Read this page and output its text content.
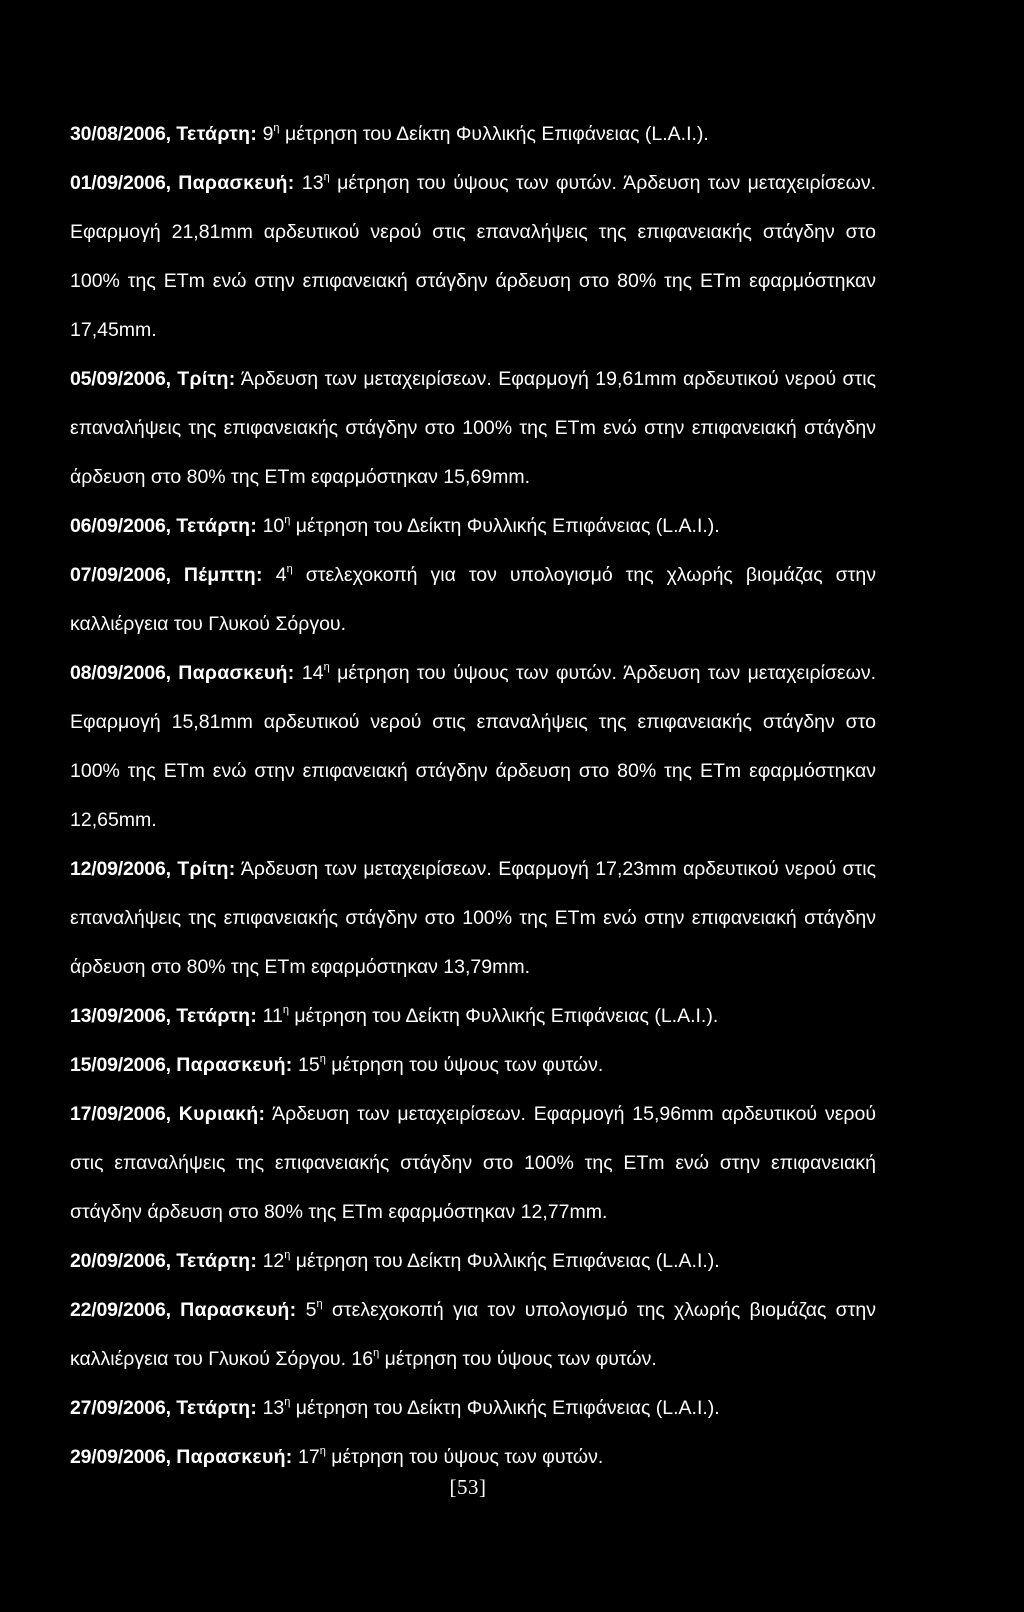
30/08/2006, Τετάρτη: $9^\eta$ μέτρηση του Δείκτη Φυλλικής Επιφάνειας (L.A.I.).

01/09/2006, Παρασκευή: $13^\eta$ μέτρηση του ύψους των φυτών. Άρδευση των μεταχειρίσεων. Εφαρμογή 21,81mm αρδευτικού νερού στις επαναλήψεις της επιφανειακής στάγδην στο 100% της ETm ενώ στην επιφανειακή στάγδην άρδευση στο 80% της ETm εφαρμόστηκαν 17,45mm.

05/09/2006, Τρίτη: Άρδευση των μεταχειρίσεων. Εφαρμογή 19,61mm αρδευτικού νερού στις επαναλήψεις της επιφανειακής στάγδην στο 100% της ETm ενώ στην επιφανειακή στάγδην άρδευση στο 80% της ETm εφαρμόστηκαν 15,69mm.

06/09/2006, Τετάρτη: $10^\eta$ μέτρηση του Δείκτη Φυλλικής Επιφάνειας (L.A.I.).

07/09/2006, Πέμπτη: $4^\eta$ στελεχοκοπή για τον υπολογισμό της χλωρής βιομάζας στην καλλιέργεια του Γλυκού Σόργου.

08/09/2006, Παρασκευή: $14^\eta$ μέτρηση του ύψους των φυτών. Άρδευση των μεταχειρίσεων. Εφαρμογή 15,81mm αρδευτικού νερού στις επαναλήψεις της επιφανειακής στάγδην στο 100% της ETm ενώ στην επιφανειακή στάγδην άρδευση στο 80% της ETm εφαρμόστηκαν 12,65mm.

12/09/2006, Τρίτη: Άρδευση των μεταχειρίσεων. Εφαρμογή 17,23mm αρδευτικού νερού στις επαναλήψεις της επιφανειακής στάγδην στο 100% της ETm ενώ στην επιφανειακή στάγδην άρδευση στο 80% της ETm εφαρμόστηκαν 13,79mm.

13/09/2006, Τετάρτη: $11^\eta$ μέτρηση του Δείκτη Φυλλικής Επιφάνειας (L.A.I.).

15/09/2006, Παρασκευή: $15^\eta$ μέτρηση του ύψους των φυτών.

17/09/2006, Κυριακή: Άρδευση των μεταχειρίσεων. Εφαρμογή 15,96mm αρδευτικού νερού στις επαναλήψεις της επιφανειακής στάγδην στο 100% της ETm ενώ στην επιφανειακή στάγδην άρδευση στο 80% της ETm εφαρμόστηκαν 12,77mm.

20/09/2006, Τετάρτη: $12^\eta$ μέτρηση του Δείκτη Φυλλικής Επιφάνειας (L.A.I.).

22/09/2006, Παρασκευή: $5^\eta$ στελεχοκοπή για τον υπολογισμό της χλωρής βιομάζας στην καλλιέργεια του Γλυκού Σόργου. $16^\eta$ μέτρηση του ύψους των φυτών.

27/09/2006, Τετάρτη: $13^\eta$ μέτρηση του Δείκτη Φυλλικής Επιφάνειας (L.A.I.).

29/09/2006, Παρασκευή: $17^\eta$ μέτρηση του ύψους των φυτών.

[53]
